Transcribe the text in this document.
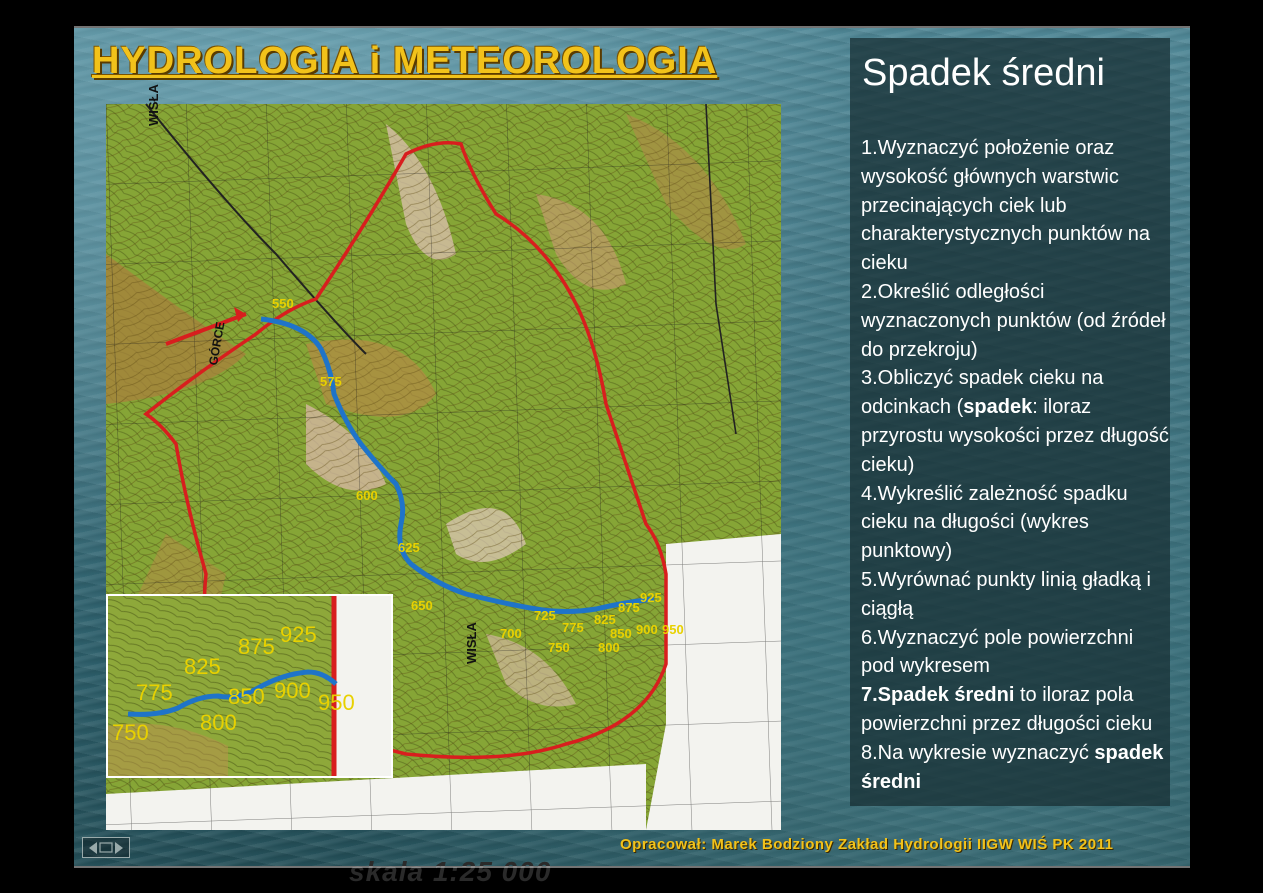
HYDROLOGIA i METEOROLOGIA
WISŁA
GÓRCE
WISŁA
550
575
600
625
650
700
725
750
775
800
825
850
875
900
925
950
skala 1:25 000
775
825
875 925
850 900 950
800
750
Spadek średni
1.Wyznaczyć położenie oraz wysokość głównych warstwic przecinających ciek lub charakterystycznych punktów na cieku
2.Określić odległości wyznaczonych punktów (od źródeł do przekroju)
3.Obliczyć spadek cieku na odcinkach (spadek: iloraz przyrostu wysokości przez długość cieku)
4.Wykreślić zależność spadku cieku na długości (wykres punktowy)
5.Wyrównać punkty linią gładką i ciągłą
6.Wyznaczyć pole powierzchni pod wykresem
7.Spadek średni to iloraz pola powierzchni przez długości cieku
8.Na wykresie wyznaczyć spadek średni
Opracował: Marek Bodziony Zakład Hydrologii IIGW WIŚ PK 2011
